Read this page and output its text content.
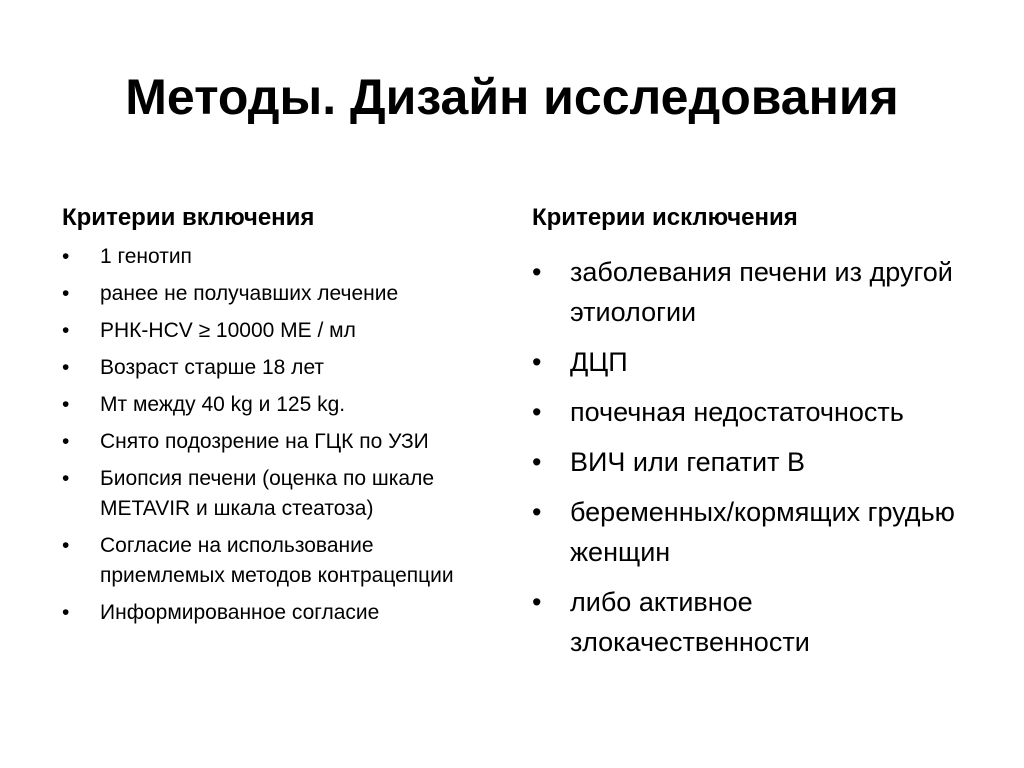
Методы. Дизайн исследования
Критерии включения
• 1 генотип
• ранее не получавших лечение
• РНК-HCV ≥ 10000 МЕ / мл
• Возраст старше 18 лет
• Мт между 40 kg и 125 kg.
• Снято подозрение на ГЦК по УЗИ
• Биопсия печени (оценка по шкале METAVIR и шкала стеатоза)
• Согласие на использование приемлемых методов контрацепции
• Информированное согласие
Критерии исключения
• заболевания печени из другой этиологии
• ДЦП
• почечная недостаточность
• ВИЧ или гепатит B
• беременных/кормящих грудью женщин
• либо активное злокачественности
